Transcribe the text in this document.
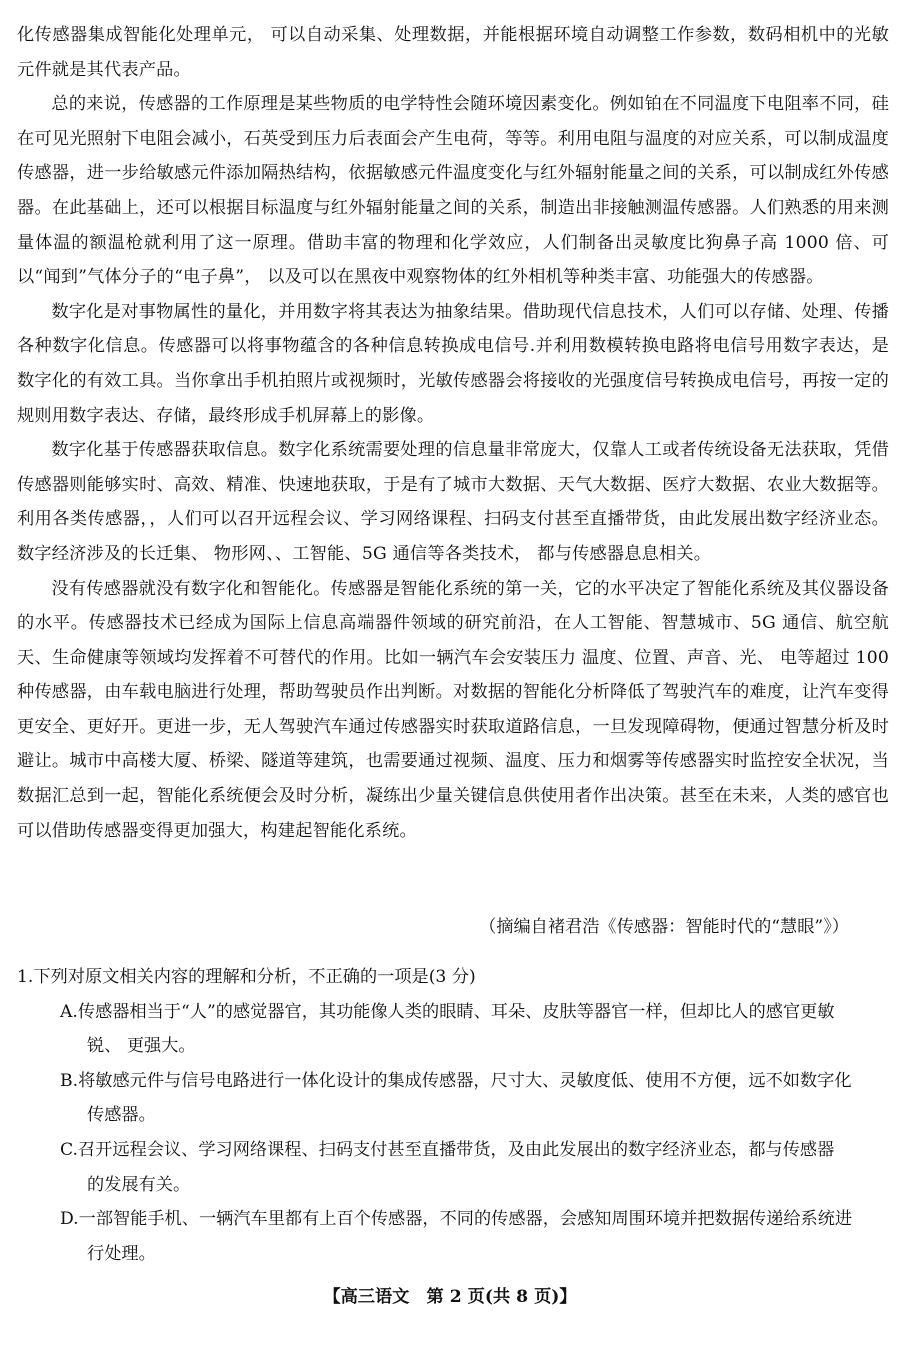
化传感器集成智能化处理单元， 可以自动采集、处理数据，并能根据环境自动调整工作参数，数码相机中的光敏元件就是其代表产品。

总的来说，传感器的工作原理是某些物质的电学特性会随环境因素变化。例如铂在不同温度下电阻率不同，硅在可见光照射下电阻会减小，石英受到压力后表面会产生电荷，等等。利用电阻与温度的对应关系，可以制成温度传感器，进一步给敏感元件添加隔热结构，依据敏感元件温度变化与红外辐射能量之间的关系，可以制成红外传感器。在此基础上，还可以根据目标温度与红外辐射能量之间的关系，制造出非接触测温传感器。人们熟悉的用来测量体温的额温枪就利用了这一原理。借助丰富的物理和化学效应，人们制备出灵敏度比狗鼻子高 1000 倍、可以“闻到”气体分子的“电子鼻”， 以及可以在黑夜中观察物体的红外相机等种类丰富、功能强大的传感器。

数字化是对事物属性的量化，并用数字将其表达为抽象结果。借助现代信息技术，人们可以存储、处理、传播各种数字化信息。传感器可以将事物蕴含的各种信息转换成电信号.并利用数模转换电路将电信号用数字表达，是数字化的有效工具。当你拿出手机拍照片或视频时，光敏传感器会将接收的光强度信号转换成电信号，再按一定的规则用数字表达、存储，最终形成手机屏幕上的影像。

数字化基于传感器获取信息。数字化系统需要处理的信息量非常庞大，仅靠人工或者传统设备无法获取，凭借传感器则能够实时、高效、精准、快速地获取，于是有了城市大数据、天气大数据、医疗大数据、农业大数据等。利用各类传感器，，人们可以召开远程会议、学习网络课程、扫码支付甚至直播带货，由此发展出数字经济业态。数字经济涉及的长迁集、 物形网、、工智能、5G 通信等各类技术， 都与传感器息息相关。

没有传感器就没有数字化和智能化。传感器是智能化系统的第一关，它的水平决定了智能化系统及其仪器设备的水平。传感器技术已经成为国际上信息高端器件领域的研究前沿，在人工智能、智慧城市、5G 通信、航空航天、生命健康等领域均发挥着不可替代的作用。比如一辆汽车会安装压力 温度、位置、声音、光、 电等超过 100 种传感器，由车载电脑进行处理，帮助驾驶员作出判断。对数据的智能化分析降低了驾驶汽车的难度，让汽车变得更安全、更好开。更进一步，无人驾驶汽车通过传感器实时获取道路信息，一旦发现障碍物，便通过智慧分析及时避让。城市中高楼大厦、桥梁、隧道等建筑，也需要通过视频、温度、压力和烟雾等传感器实时监控安全状况，当数据汇总到一起，智能化系统便会及时分析，凝练出少量关键信息供使用者作出决策。甚至在未来，人类的感官也可以借助传感器变得更加强大，构建起智能化系统。

（摘编自褚君浩《传感器：智能时代的“慧眼”》）

1.下列对原文相关内容的理解和分析，不正确的一项是(3 分)

A.传感器相当于“人”的感觉器官，其功能像人类的眼睛、耳朵、皮肤等器官一样，但却比人的感官更敏
锐、 更强大。

B.将敏感元件与信号电路进行一体化设计的集成传感器，尺寸大、灵敏度低、使用不方便，远不如数字化
传感器。

C.召开远程会议、学习网络课程、扫码支付甚至直播带货，及由此发展出的数字经济业态，都与传感器
的发展有关。

D.一部智能手机、一辆汽车里都有上百个传感器，不同的传感器，会感知周围环境并把数据传递给系统进
行处理。

【高三语文　第 2 页(共 8 页)】
